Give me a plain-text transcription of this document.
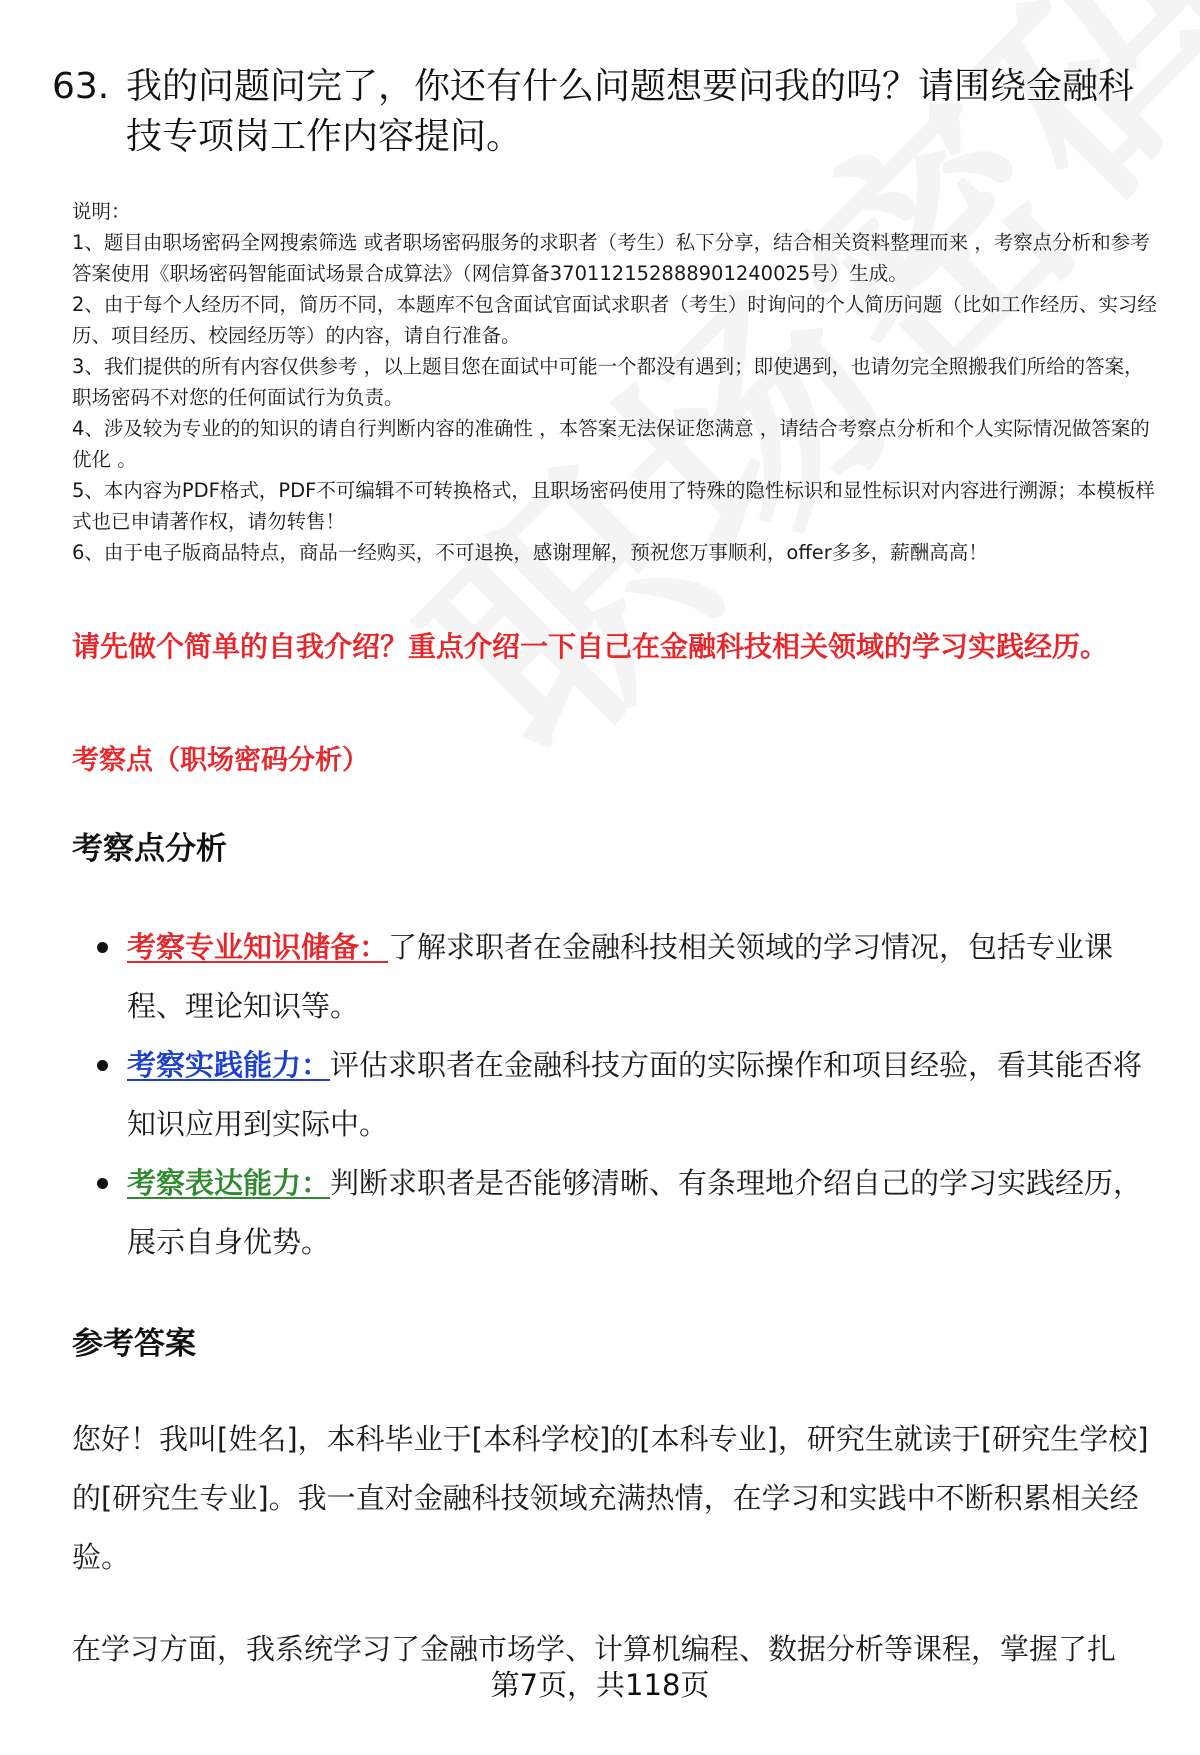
63. 我的问题问完了，你还有什么问题想要问我的吗？请围绕金融科技专项岗工作内容提问。

说明：

1、题目由职场密码全网搜索筛选 或者职场密码服务的求职者（考生）私下分享，结合相关资料整理而来 ，考察点分析和参考答案使用《职场密码智能面试场景合成算法》（网信算备370112152888901240025号）生成。

2、由于每个人经历不同，简历不同，本题库不包含面试官面试求职者（考生）时询问的个人简历问题（比如工作经历、实习经历、项目经历、校园经历等）的内容，请自行准备。

3、我们提供的所有内容仅供参考 ，以上题目您在面试中可能一个都没有遇到；即使遇到，也请勿完全照搬我们所给的答案，职场密码不对您的任何面试行为负责。

4、涉及较为专业的的知识的请自行判断内容的准确性 ，本答案无法保证您满意 ，请结合考察点分析和个人实际情况做答案的优化 。

5、本内容为PDF格式，PDF不可编辑不可转换格式，且职场密码使用了特殊的隐性标识和显性标识对内容进行溯源；本模板样式也已申请著作权，请勿转售！

6、由于电子版商品特点，商品一经购买，不可退换，感谢理解，预祝您万事顺利，offer多多，薪酬高高！

请先做个简单的自我介绍？重点介绍一下自己在金融科技相关领域的学习实践经历。
考察点（职场密码分析）
考察点分析
考察专业知识储备：了解求职者在金融科技相关领域的学习情况，包括专业课程、理论知识等。
考察实践能力：评估求职者在金融科技方面的实际操作和项目经验，看其能否将知识应用到实际中。
考察表达能力：判断求职者是否能够清晰、有条理地介绍自己的学习实践经历，展示自身优势。
参考答案

您好！我叫[姓名]，本科毕业于[本科学校]的[本科专业]，研究生就读于[研究生学校]的[研究生专业]。我一直对金融科技领域充满热情，在学习和实践中不断积累相关经验。

在学习方面，我系统学习了金融市场学、计算机编程、数据分析等课程，掌握了扎

第7页，共118页
